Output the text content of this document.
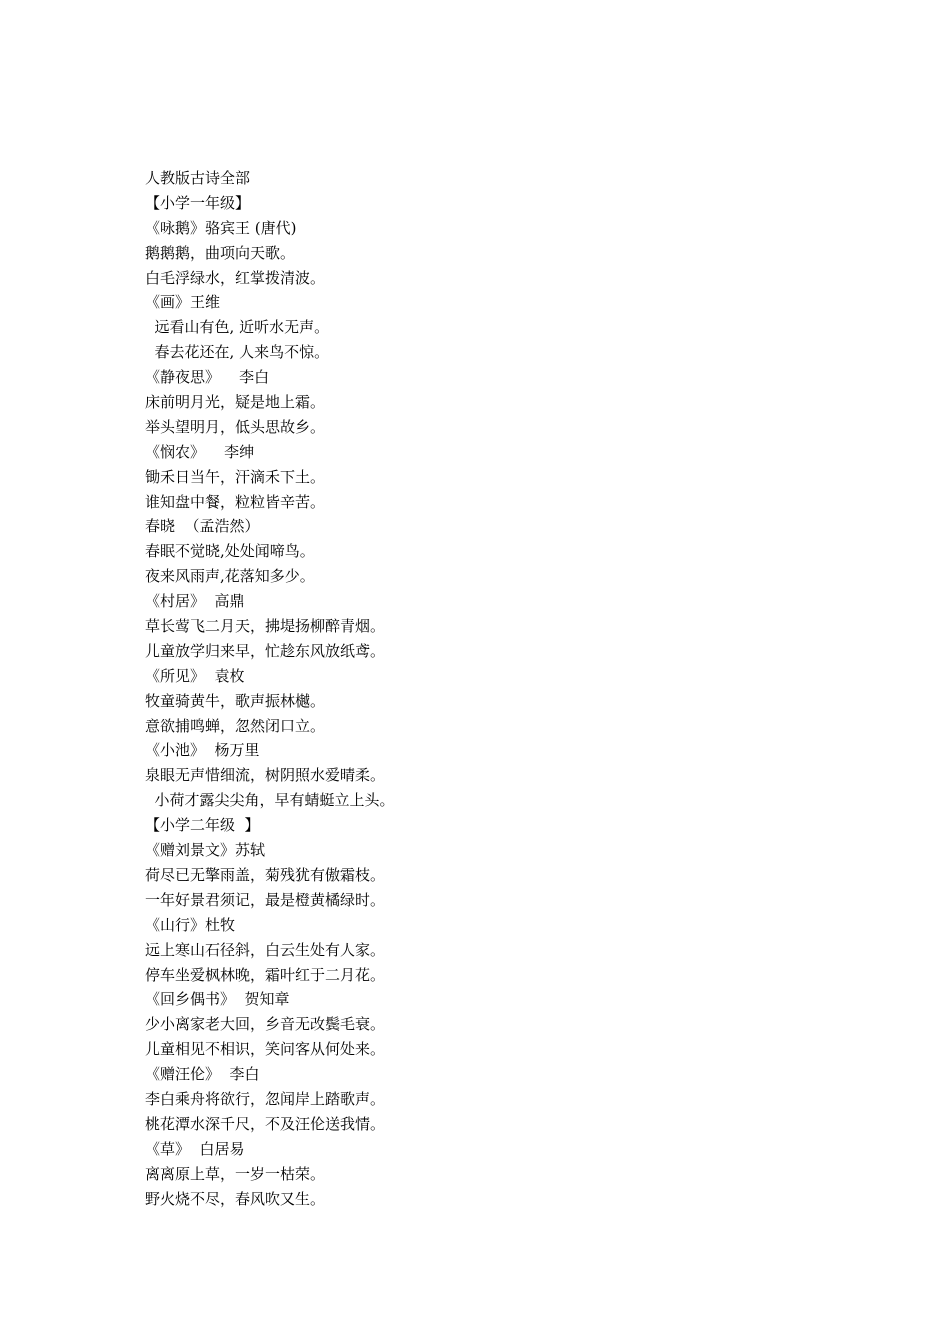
人教版古诗全部

【小学一年级】

《咏鹅》骆宾王 (唐代)

鹅鹅鹅，曲项向天歌。

白毛浮绿水，红掌拨清波。

《画》王维

远看山有色, 近听水无声。

春去花还在, 人来鸟不惊。

《静夜思》    李白

床前明月光，疑是地上霜。

举头望明月，低头思故乡。

《悯农》    李绅

锄禾日当午，汗滴禾下土。

谁知盘中餐，粒粒皆辛苦。

春晓  （孟浩然）

春眠不觉晓,处处闻啼鸟。

夜来风雨声,花落知多少。

《村居》  高鼎

草长莺飞二月天，拂堤扬柳醉青烟。

儿童放学归来早，忙趁东风放纸鸢。

《所见》  袁枚

牧童骑黄牛，歌声振林樾。

意欲捕鸣蝉，忽然闭口立。

《小池》  杨万里

泉眼无声惜细流，树阴照水爱晴柔。

小荷才露尖尖角，早有蜻蜓立上头。

【小学二年级  】

《赠刘景文》苏轼

荷尽已无擎雨盖，菊残犹有傲霜枝。

一年好景君须记，最是橙黄橘绿时。

《山行》杜牧

远上寒山石径斜，白云生处有人家。

停车坐爱枫林晚，霜叶红于二月花。

《回乡偶书》  贺知章

少小离家老大回，乡音无改鬓毛衰。

儿童相见不相识，笑问客从何处来。

《赠汪伦》  李白

李白乘舟将欲行，忽闻岸上踏歌声。

桃花潭水深千尺，不及汪伦送我情。

《草》  白居易

离离原上草，一岁一枯荣。

野火烧不尽，春风吹又生。
